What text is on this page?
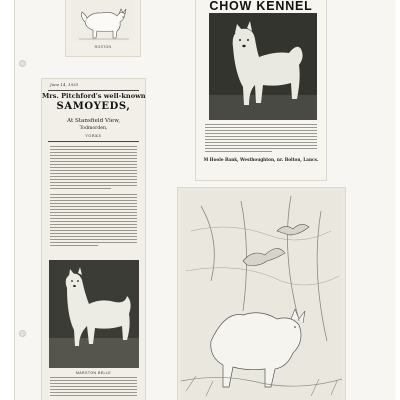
ROSTON
June 14, 1935
Mrs. Pitchford's well-known
SAMOYEDS,
At Stansfield View,
Todmorden,
YORKS
MARSTON BELLE
CHOW KENNEL
M Hoole Bank, Westhoughton, nr. Bolton, Lancs.
